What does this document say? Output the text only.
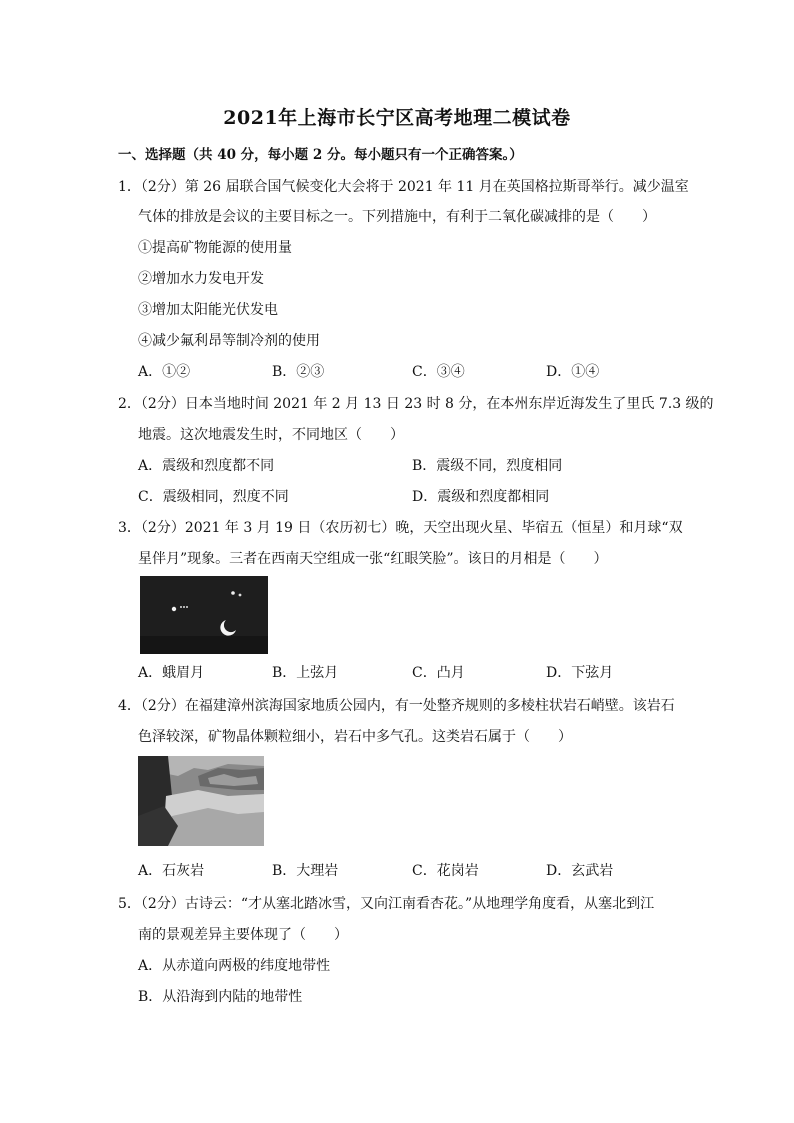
2021年上海市长宁区高考地理二模试卷
一、选择题（共 40 分，每小题 2 分。每小题只有一个正确答案。）
1．（2分）第 26 届联合国气候变化大会将于 2021 年 11 月在英国格拉斯哥举行。减少温室
气体的排放是会议的主要目标之一。下列措施中，有利于二氧化碳减排的是（　　）
①提高矿物能源的使用量
②增加水力发电开发
③增加太阳能光伏发电
④减少氟利昂等制冷剂的使用
A．①②	B．②③	C．③④	D．①④
2．（2分）日本当地时间 2021 年 2 月 13 日 23 时 8 分，在本州东岸近海发生了里氏 7.3 级的
地震。这次地震发生时，不同地区（　　）
A．震级和烈度都不同	B．震级不同，烈度相同
C．震级相同，烈度不同	D．震级和烈度都相同
3．（2分）2021 年 3 月 19 日（农历初七）晚，天空出现火星、毕宿五（恒星）和月球“双
星伴月”现象。三者在西南天空组成一张“红眼笑脸”。该日的月相是（　　）
A．蛾眉月	B．上弦月	C．凸月	D．下弦月
4．（2分）在福建漳州滨海国家地质公园内，有一处整齐规则的多棱柱状岩石峭壁。该岩石
色泽较深，矿物晶体颗粒细小，岩石中多气孔。这类岩石属于（　　）
A．石灰岩	B．大理岩	C．花岗岩	D．玄武岩
5．（2分）古诗云：“才从塞北踏冰雪，又向江南看杏花。”从地理学角度看，从塞北到江
南的景观差异主要体现了（　　）
A．从赤道向两极的纬度地带性
B．从沿海到内陆的地带性
